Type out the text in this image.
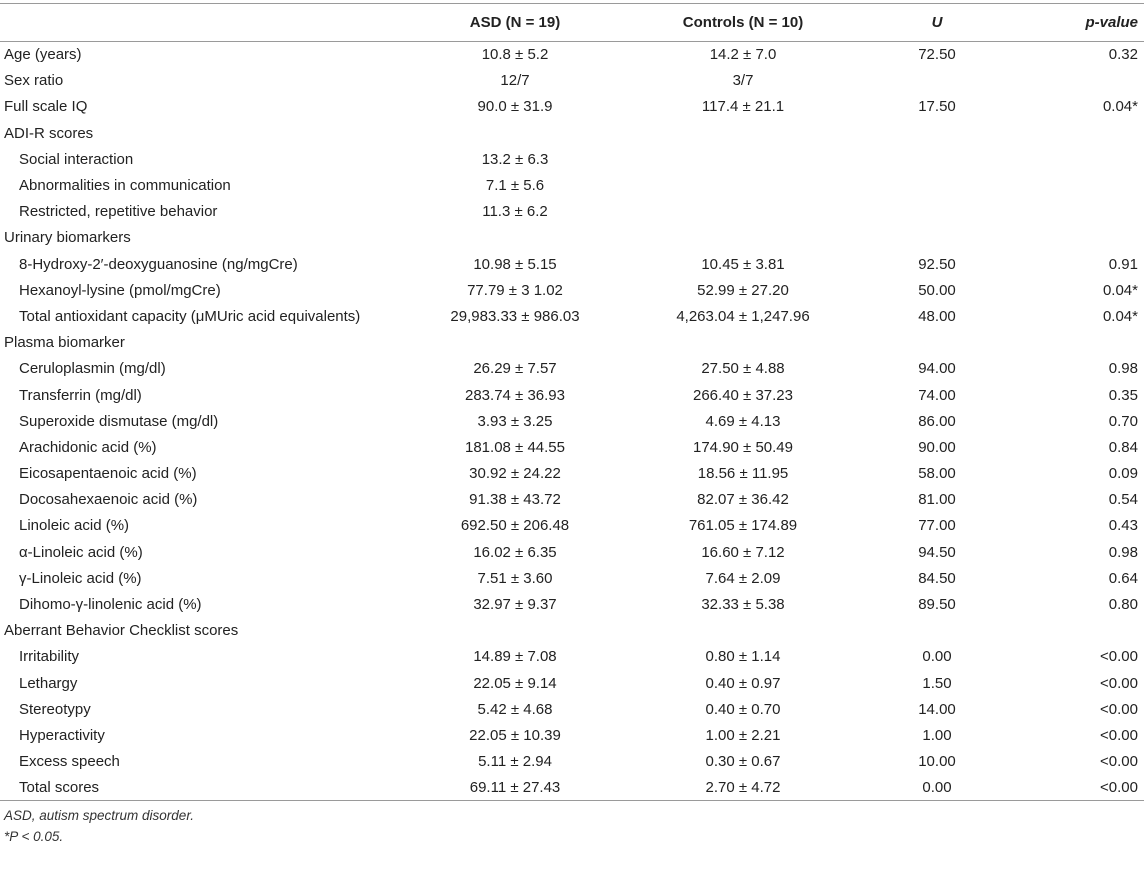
	ASD (N = 19)	Controls (N = 10)	U	p-value
Age (years)	10.8 ± 5.2	14.2 ± 7.0	72.50	0.32
Sex ratio	12/7	3/7		
Full scale IQ	90.0 ± 31.9	117.4 ± 21.1	17.50	0.04*
ADI-R scores				
Social interaction	13.2 ± 6.3			
Abnormalities in communication	7.1 ± 5.6			
Restricted, repetitive behavior	11.3 ± 6.2			
Urinary biomarkers				
8-Hydroxy-2′-deoxyguanosine (ng/mgCre)	10.98 ± 5.15	10.45 ± 3.81	92.50	0.91
Hexanoyl-lysine (pmol/mgCre)	77.79 ± 3 1.02	52.99 ± 27.20	50.00	0.04*
Total antioxidant capacity (μMUric acid equivalents)	29,983.33 ± 986.03	4,263.04 ± 1,247.96	48.00	0.04*
Plasma biomarker				
Ceruloplasmin (mg/dl)	26.29 ± 7.57	27.50 ± 4.88	94.00	0.98
Transferrin (mg/dl)	283.74 ± 36.93	266.40 ± 37.23	74.00	0.35
Superoxide dismutase (mg/dl)	3.93 ± 3.25	4.69 ± 4.13	86.00	0.70
Arachidonic acid (%)	181.08 ± 44.55	174.90 ± 50.49	90.00	0.84
Eicosapentaenoic acid (%)	30.92 ± 24.22	18.56 ± 11.95	58.00	0.09
Docosahexaenoic acid (%)	91.38 ± 43.72	82.07 ± 36.42	81.00	0.54
Linoleic acid (%)	692.50 ± 206.48	761.05 ± 174.89	77.00	0.43
α-Linoleic acid (%)	16.02 ± 6.35	16.60 ± 7.12	94.50	0.98
γ-Linoleic acid (%)	7.51 ± 3.60	7.64 ± 2.09	84.50	0.64
Dihomo-γ-linolenic acid (%)	32.97 ± 9.37	32.33 ± 5.38	89.50	0.80
Aberrant Behavior Checklist scores				
Irritability	14.89 ± 7.08	0.80 ± 1.14	0.00	<0.00
Lethargy	22.05 ± 9.14	0.40 ± 0.97	1.50	<0.00
Stereotypy	5.42 ± 4.68	0.40 ± 0.70	14.00	<0.00
Hyperactivity	22.05 ± 10.39	1.00 ± 2.21	1.00	<0.00
Excess speech	5.11 ± 2.94	0.30 ± 0.67	10.00	<0.00
Total scores	69.11 ± 27.43	2.70 ± 4.72	0.00	<0.00
ASD, autism spectrum disorder.
*P < 0.05.
